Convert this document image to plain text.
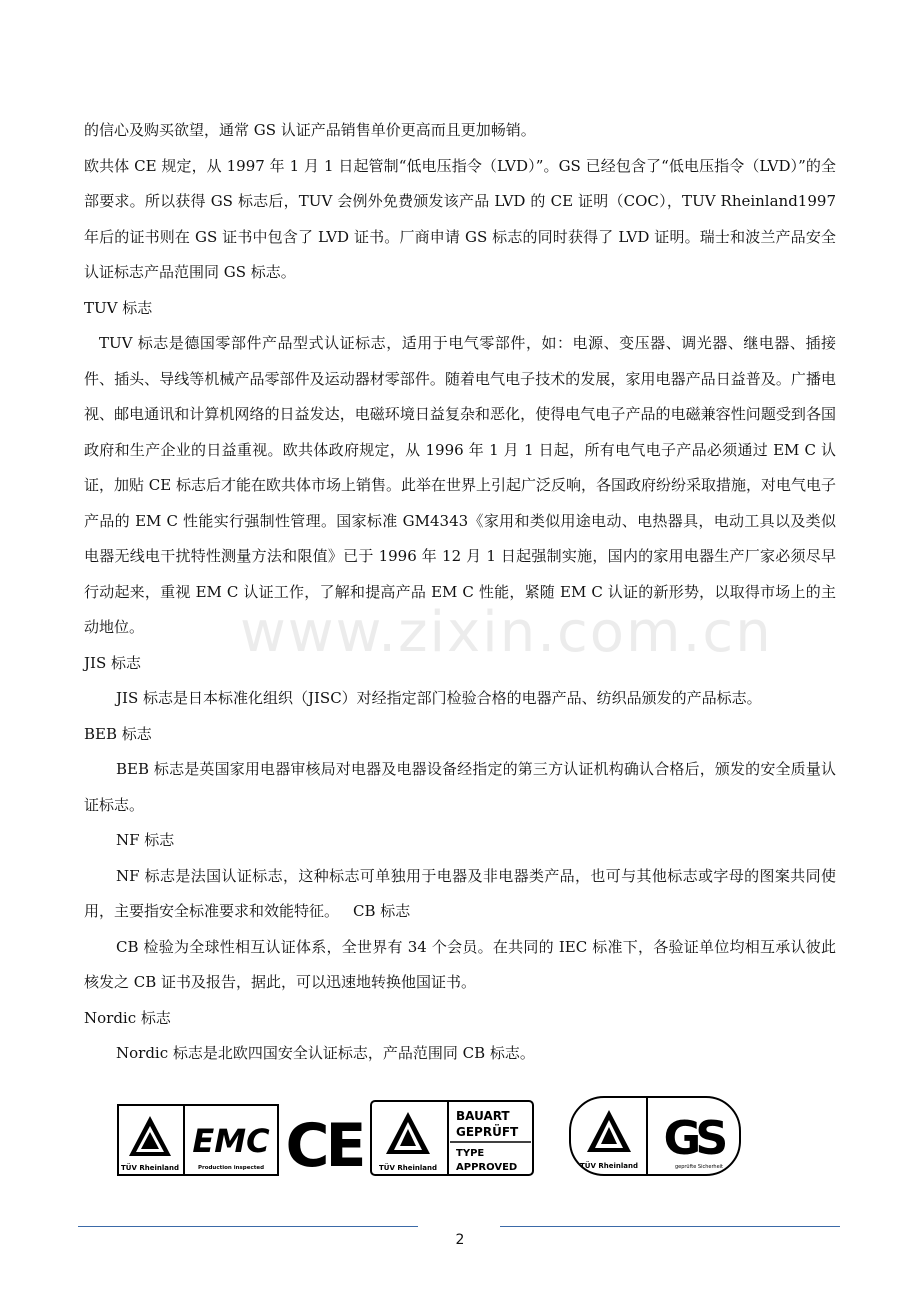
的信心及购买欲望，通常 GS 认证产品销售单价更高而且更加畅销。

欧共体 CE 规定，从 1997 年 1 月 1 日起管制“低电压指令（LVD）”。GS 已经包含了“低电压指令（LVD）”的全部要求。所以获得 GS 标志后，TUV 会例外免费颁发该产品 LVD 的 CE 证明（COC），TUV Rheinland1997 年后的证书则在 GS 证书中包含了 LVD 证书。厂商申请 GS 标志的同时获得了 LVD 证明。瑞士和波兰产品安全认证标志产品范围同 GS 标志。

TUV 标志

TUV 标志是德国零部件产品型式认证标志，适用于电气零部件，如：电源、变压器、调光器、继电器、插接件、插头、导线等机械产品零部件及运动器材零部件。随着电气电子技术的发展，家用电器产品日益普及。广播电视、邮电通讯和计算机网络的日益发达，电磁环境日益复杂和恶化，使得电气电子产品的电磁兼容性问题受到各国政府和生产企业的日益重视。欧共体政府规定，从 1996 年 1 月 1 日起，所有电气电子产品必须通过 EM C 认证，加贴 CE 标志后才能在欧共体市场上销售。此举在世界上引起广泛反响，各国政府纷纷采取措施，对电气电子产品的 EM C 性能实行强制性管理。国家标准 GM4343《家用和类似用途电动、电热器具，电动工具以及类似电器无线电干扰特性测量方法和限值》已于 1996 年 12 月 1 日起强制实施，国内的家用电器生产厂家必须尽早行动起来，重视 EM C 认证工作，了解和提高产品 EM C 性能，紧随 EM C 认证的新形势，以取得市场上的主动地位。

JIS 标志

JIS 标志是日本标准化组织（JISC）对经指定部门检验合格的电器产品、纺织品颁发的产品标志。

BEB 标志

BEB 标志是英国家用电器审核局对电器及电器设备经指定的第三方认证机构确认合格后，颁发的安全质量认证标志。

NF 标志

NF 标志是法国认证标志，这种标志可单独用于电器及非电器类产品，也可与其他标志或字母的图案共同使用，主要指安全标准要求和效能特征。 CB 标志

CB 检验为全球性相互认证体系，全世界有 34 个会员。在共同的 IEC 标准下，各验证单位均相互承认彼此核发之 CB 证书及报告，据此，可以迅速地转换他国证书。

Nordic 标志

Nordic 标志是北欧四国安全认证标志，产品范围同 CB 标志。

www.zixin.com.cn
TÜV Rheinland
EMC
Production inspected CE TÜV Rheinland
BAUART
GEPRÜFT
TYPE
APPROVED	TÜV Rheinland
GS
geprüfte Sicherheit
2
